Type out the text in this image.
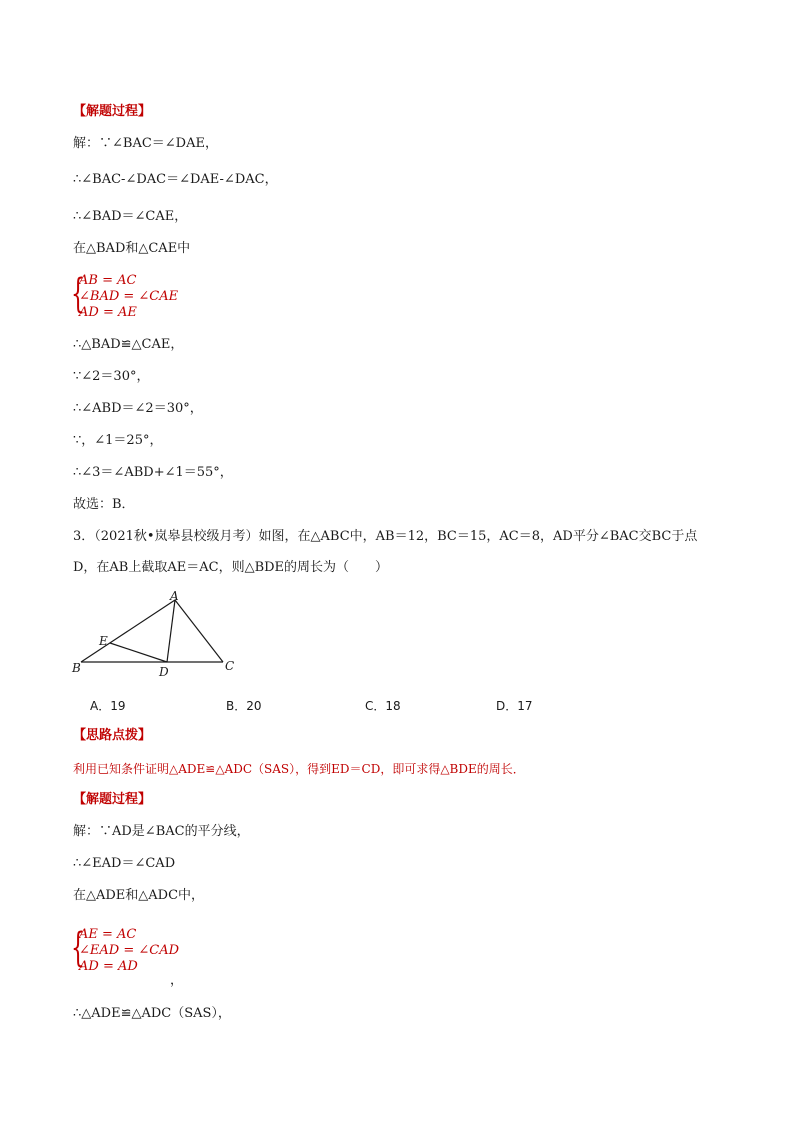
【解题过程】
解：∵∠BAC＝∠DAE，
∴∠BAC-∠DAC＝∠DAE-∠DAC，
∴∠BAD＝∠CAE，
在△BAD和△CAE中
{
AB = AC
∠BAD = ∠CAE
AD = AE
∴△BAD≌△CAE，
∵∠2＝30°，
∴∠ABD＝∠2＝30°，
∵，∠1＝25°，
∴∠3＝∠ABD+∠1＝55°，
故选：B．
3．（2021秋•岚皋县校级月考）如图，在△ABC中，AB＝12，BC＝15，AC＝8，AD平分∠BAC交BC于点
D，在AB上截取AE＝AC，则△BDE的周长为（　　）
A
E
B	D	C
A．19	B．20	C．18	D．17
【思路点拨】
利用已知条件证明△ADE≌△ADC（SAS），得到ED＝CD，即可求得△BDE的周长．
【解题过程】
解：∵AD是∠BAC的平分线，
∴∠EAD＝∠CAD
在△ADE和△ADC中，
{
AE = AC
∠EAD = ∠CAD
AD = AD
，
∴△ADE≌△ADC（SAS），
